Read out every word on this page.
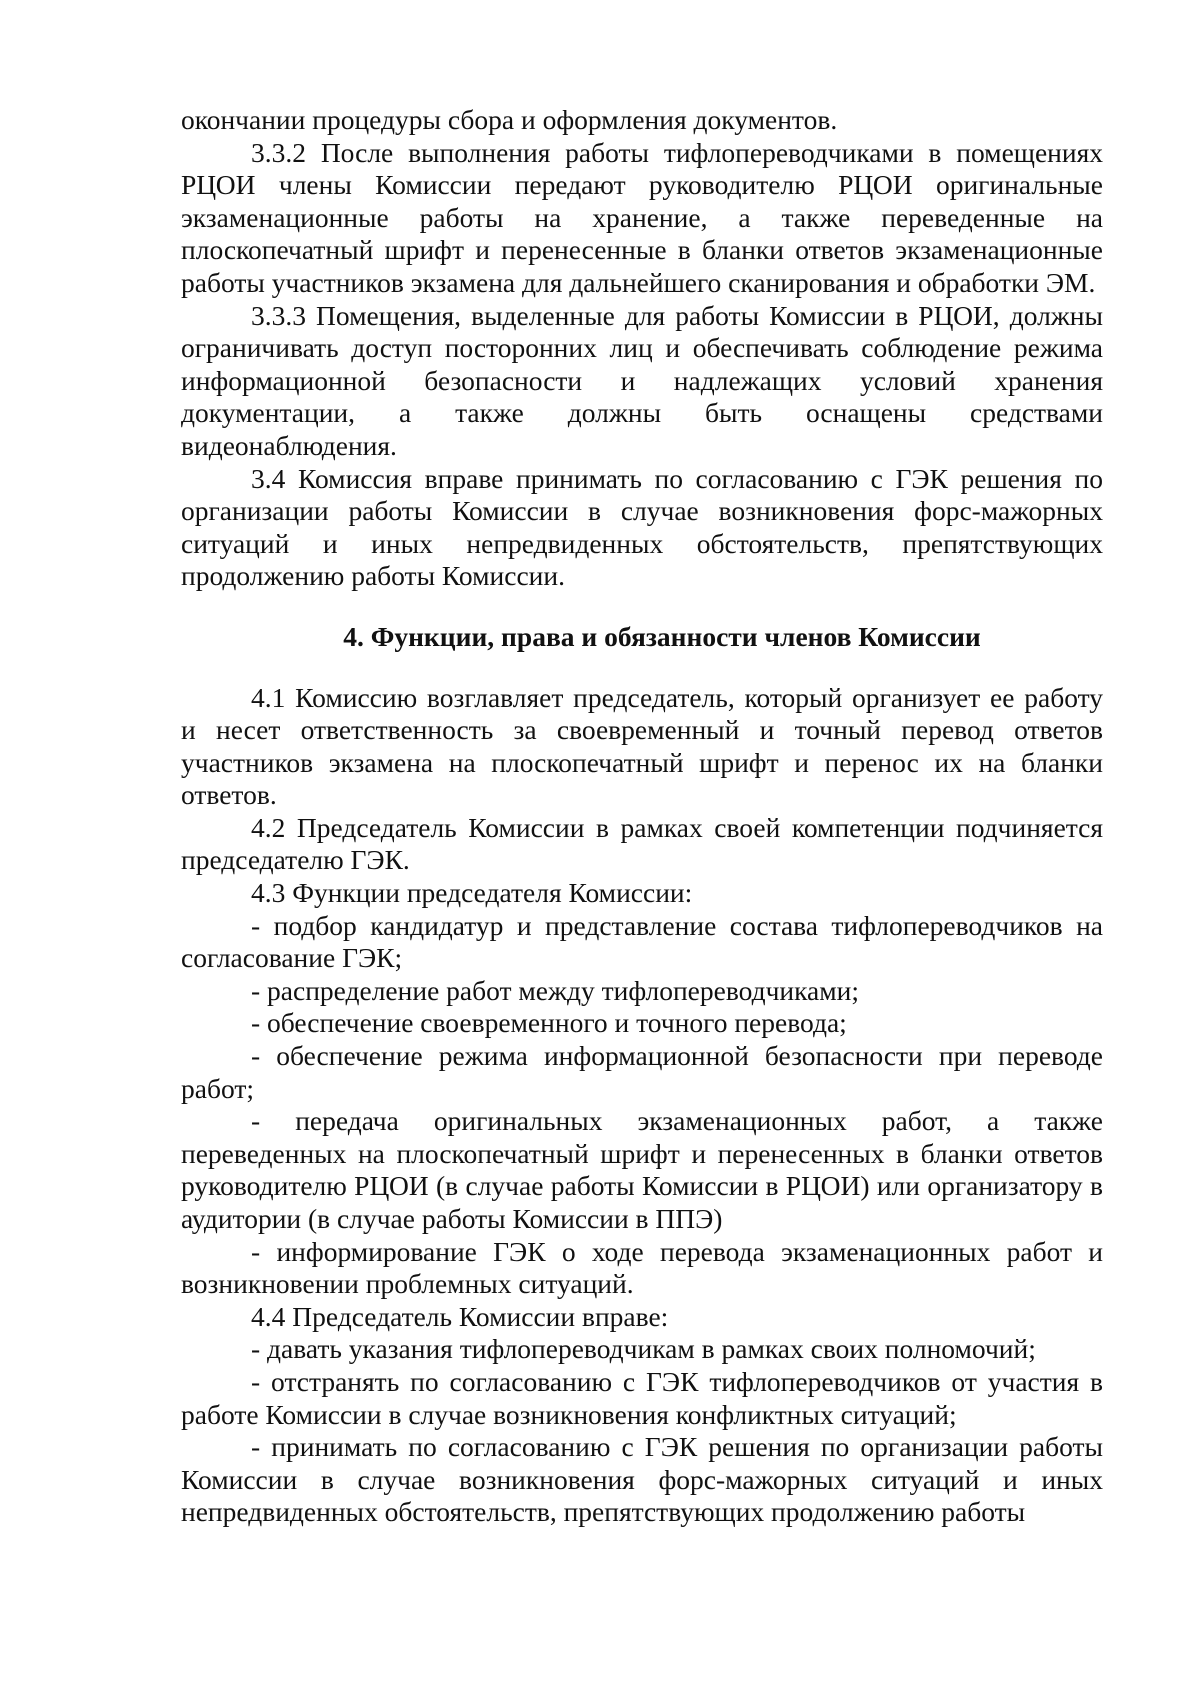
окончании процедуры сбора и оформления документов.

3.3.2 После выполнения работы тифлопереводчиками в помещениях РЦОИ члены Комиссии передают руководителю РЦОИ оригинальные экзаменационные работы на хранение, а также переведенные на плоскопечатный шрифт и перенесенные в бланки ответов экзаменационные работы участников экзамена для дальнейшего сканирования и обработки ЭМ.

3.3.3 Помещения, выделенные для работы Комиссии в РЦОИ, должны ограничивать доступ посторонних лиц и обеспечивать соблюдение режима информационной безопасности и надлежащих условий хранения документации, а также должны быть оснащены средствами видеонаблюдения.

3.4 Комиссия вправе принимать по согласованию с ГЭК решения по организации работы Комиссии в случае возникновения форс-мажорных ситуаций и иных непредвиденных обстоятельств, препятствующих продолжению работы Комиссии.

4. Функции, права и обязанности членов Комиссии

4.1 Комиссию возглавляет председатель, который организует ее работу и несет ответственность за своевременный и точный перевод ответов участников экзамена на плоскопечатный шрифт и перенос их на бланки ответов.

4.2 Председатель Комиссии в рамках своей компетенции подчиняется председателю ГЭК.

4.3 Функции председателя Комиссии:

- подбор кандидатур и представление состава тифлопереводчиков на согласование ГЭК;

- распределение работ между тифлопереводчиками;

- обеспечение своевременного и точного перевода;

- обеспечение режима информационной безопасности при переводе работ;

- передача оригинальных экзаменационных работ, а также переведенных на плоскопечатный шрифт и перенесенных в бланки ответов руководителю РЦОИ (в случае работы Комиссии в РЦОИ) или организатору в аудитории (в случае работы Комиссии в ППЭ)

- информирование ГЭК о ходе перевода экзаменационных работ и возникновении проблемных ситуаций.

4.4 Председатель Комиссии вправе:

- давать указания тифлопереводчикам в рамках своих полномочий;

- отстранять по согласованию с ГЭК тифлопереводчиков от участия в работе Комиссии в случае возникновения конфликтных ситуаций;

- принимать по согласованию с ГЭК решения по организации работы Комиссии в случае возникновения форс-мажорных ситуаций и иных непредвиденных обстоятельств, препятствующих продолжению работы
